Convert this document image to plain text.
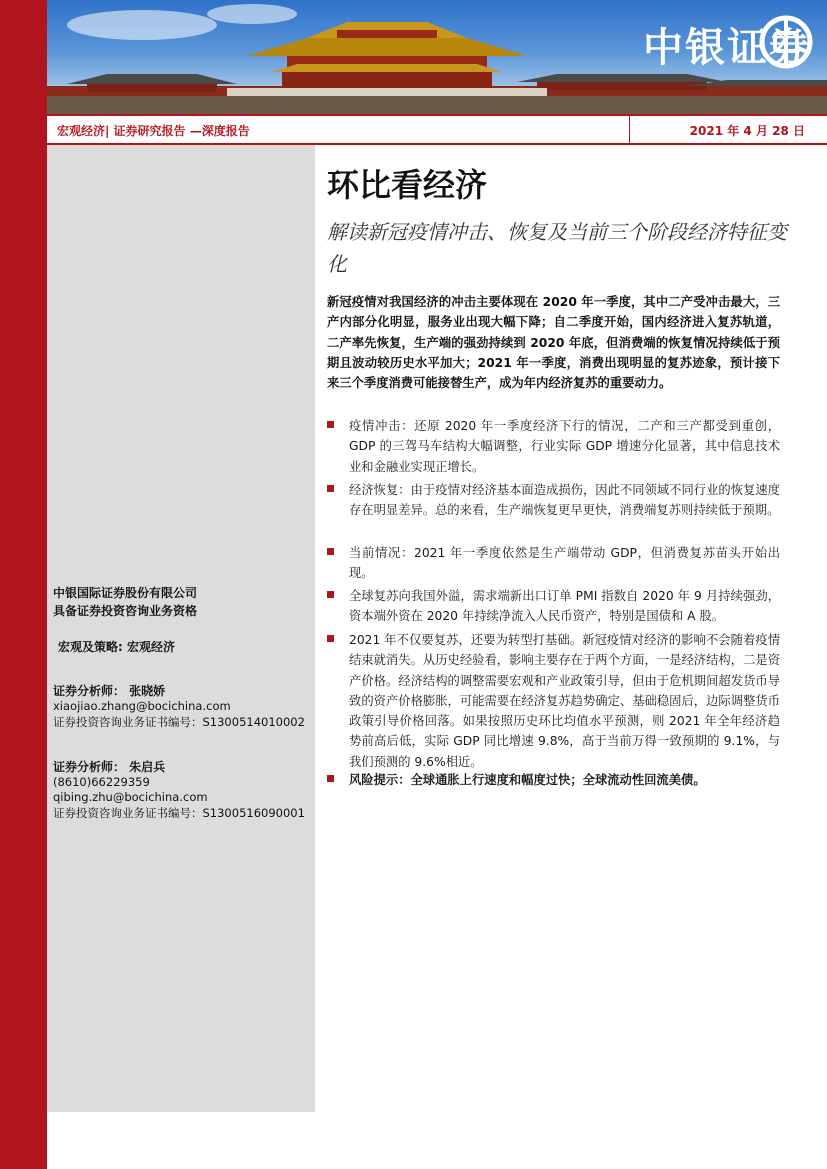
中银证券
宏观经济| 证券研究报告 —深度报告	2021 年 4 月 28 日
中银国际证券股份有限公司
具备证券投资咨询业务资格
宏观及策略: 宏观经济
证券分析师： 张晓娇
xiaojiao.zhang@bocichina.com
证券投资咨询业务证书编号：S1300514010002
证券分析师： 朱启兵
(8610)66229359
qibing.zhu@bocichina.com
证券投资咨询业务证书编号：S1300516090001
环比看经济
解读新冠疫情冲击、恢复及当前三个阶段经济特征变化
新冠疫情对我国经济的冲击主要体现在 2020 年一季度，其中二产受冲击最大，三产内部分化明显，服务业出现大幅下降；自二季度开始，国内经济进入复苏轨道，二产率先恢复，生产端的强劲持续到 2020 年底，但消费端的恢复情况持续低于预期且波动较历史水平加大；2021 年一季度，消费出现明显的复苏迹象，预计接下来三个季度消费可能接替生产，成为年内经济复苏的重要动力。
疫情冲击：还原 2020 年一季度经济下行的情况，二产和三产都受到重创，GDP 的三驾马车结构大幅调整，行业实际 GDP 增速分化显著，其中信息技术业和金融业实现正增长。
经济恢复：由于疫情对经济基本面造成损伤，因此不同领域不同行业的恢复速度存在明显差异。总的来看，生产端恢复更早更快，消费端复苏则持续低于预期。
当前情况：2021 年一季度依然是生产端带动 GDP，但消费复苏苗头开始出现。
全球复苏向我国外溢，需求端新出口订单 PMI 指数自 2020 年 9 月持续强劲，资本端外资在 2020 年持续净流入人民币资产，特别是国债和 A 股。
2021 年不仅要复苏，还要为转型打基础。新冠疫情对经济的影响不会随着疫情结束就消失。从历史经验看，影响主要存在于两个方面，一是经济结构，二是资产价格。经济结构的调整需要宏观和产业政策引导，但由于危机期间超发货币导致的资产价格膨胀，可能需要在经济复苏趋势确定、基础稳固后，边际调整货币政策引导价格回落。如果按照历史环比均值水平预测，则 2021 年全年经济趋势前高后低，实际 GDP 同比增速 9.8%，高于当前万得一致预期的 9.1%，与我们预测的 9.6%相近。
风险提示：全球通胀上行速度和幅度过快；全球流动性回流美债。
